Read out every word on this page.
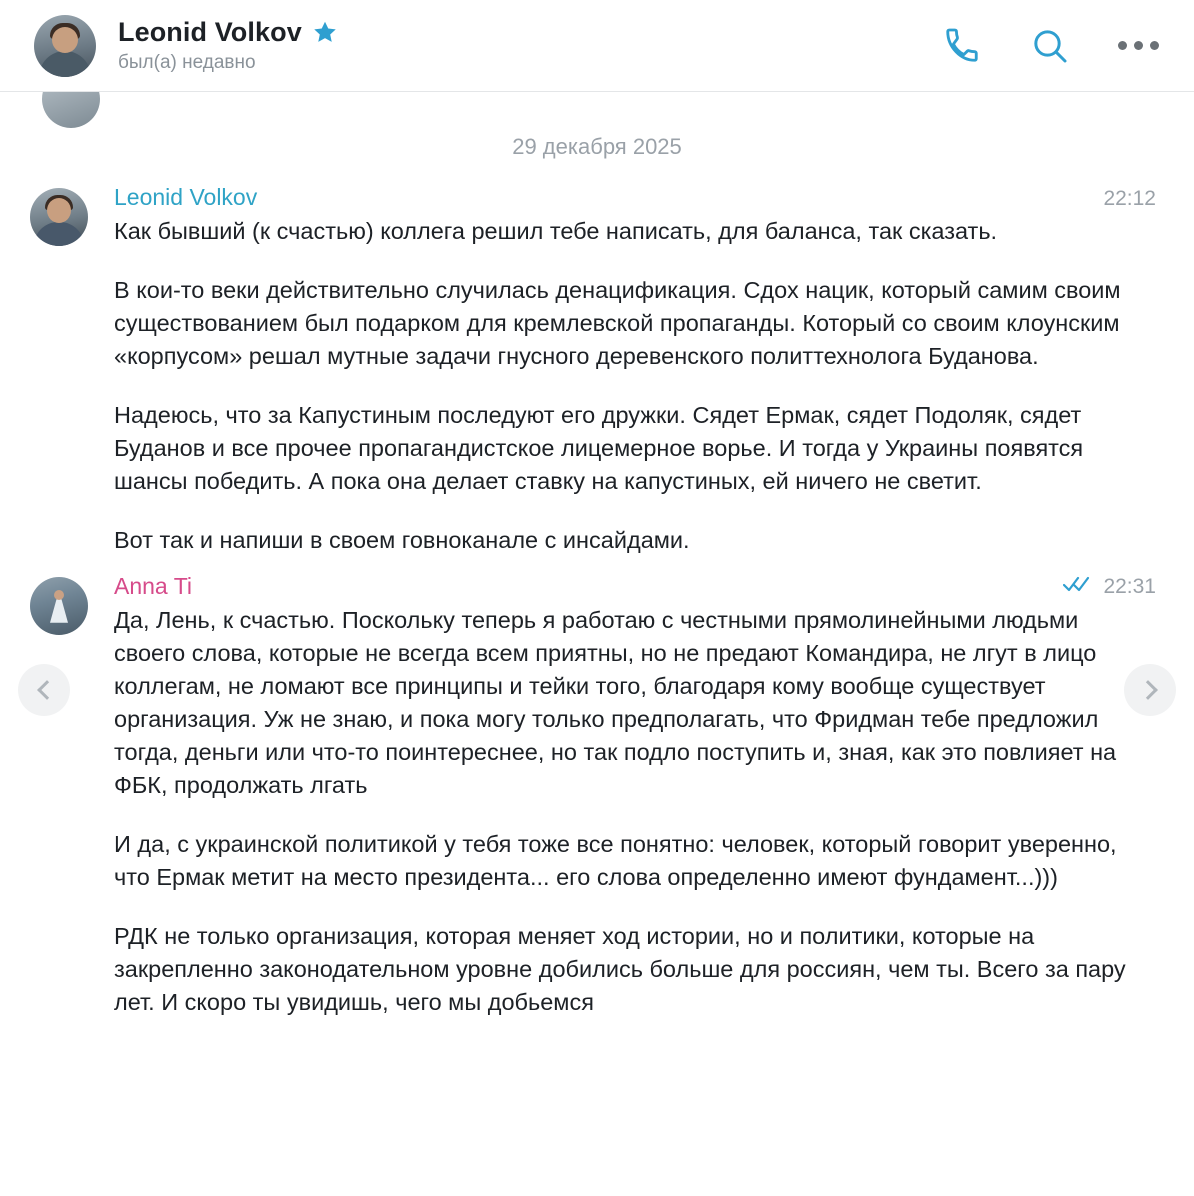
Leonid Volkov
был(а) недавно
29 декабря 2025
Leonid Volkov	22:12
Как бывший (к счастью) коллега решил тебе написать, для баланса, так сказать.
В кои-то веки действительно случилась денацификация. Сдох нацик, который самим своим существованием был подарком для кремлевской пропаганды. Который со своим клоунским «корпусом» решал мутные задачи гнусного деревенского политтехнолога Буданова.
Надеюсь, что за Капустиным последуют его дружки. Сядет Ермак, сядет Подоляк, сядет Буданов и все прочее пропагандистское лицемерное ворье. И тогда у Украины появятся шансы победить. А пока она делает ставку на капустиных, ей ничего не светит.
Вот так и напиши в своем говноканале с инсайдами.
Anna Ti	22:31
Да, Лень, к счастью. Поскольку теперь я работаю с честными прямолинейными людьми своего слова, которые не всегда всем приятны, но не предают Командира, не лгут в лицо коллегам, не ломают все принципы и тейки того, благодаря кому вообще существует организация. Уж не знаю, и пока могу только предполагать, что Фридман тебе предложил тогда, деньги или что-то поинтереснее, но так подло поступить и, зная, как это повлияет на ФБК, продолжать лгать
И да, с украинской политикой у тебя тоже все понятно: человек, который говорит уверенно, что Ермак метит на место президента... его слова определенно имеют фундамент...)))
РДК не только организация, которая меняет ход истории, но и политики, которые на закрепленно законодательном уровне добились больше для россиян, чем ты. Всего за пару лет. И скоро ты увидишь, чего мы добьемся
